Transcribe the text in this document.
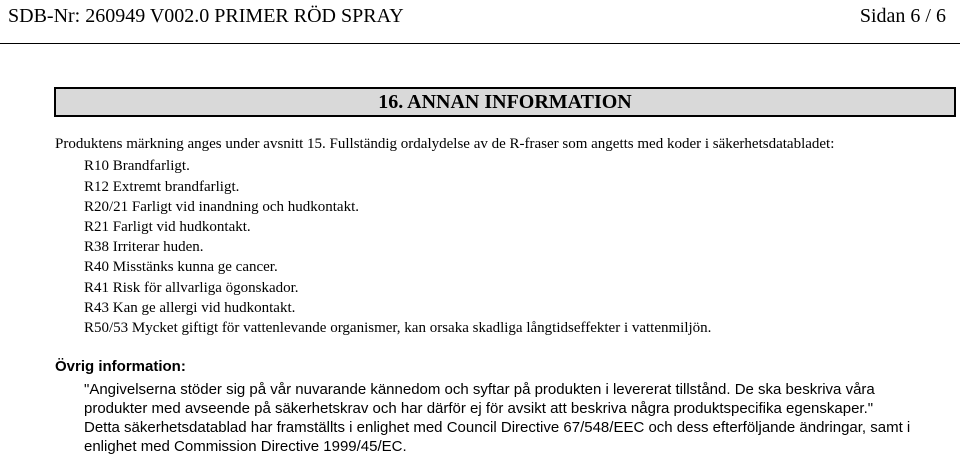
SDB-Nr: 260949 V002.0 PRIMER RÖD SPRAY	Sidan 6 / 6
16. ANNAN INFORMATION
Produktens märkning anges under avsnitt 15. Fullständig ordalydelse av de R-fraser som angetts med koder i säkerhetsdatabladet:
R10 Brandfarligt.
R12 Extremt brandfarligt.
R20/21 Farligt vid inandning och hudkontakt.
R21 Farligt vid hudkontakt.
R38 Irriterar huden.
R40 Misstänks kunna ge cancer.
R41 Risk för allvarliga ögonskador.
R43 Kan ge allergi vid hudkontakt.
R50/53 Mycket giftigt för vattenlevande organismer, kan orsaka skadliga långtidseffekter i vattenmiljön.
Övrig information:
"Angivelserna stöder sig på vår nuvarande kännedom och syftar på produkten i levererat tillstånd. De ska beskriva våra
produkter med avseende på säkerhetskrav och har därför ej för avsikt att beskriva några produktspecifika egenskaper."
Detta säkerhetsdatablad har framställts i enlighet med Council Directive 67/548/EEC och dess efterföljande ändringar, samt i
enlighet med Commission Directive 1999/45/EC.
